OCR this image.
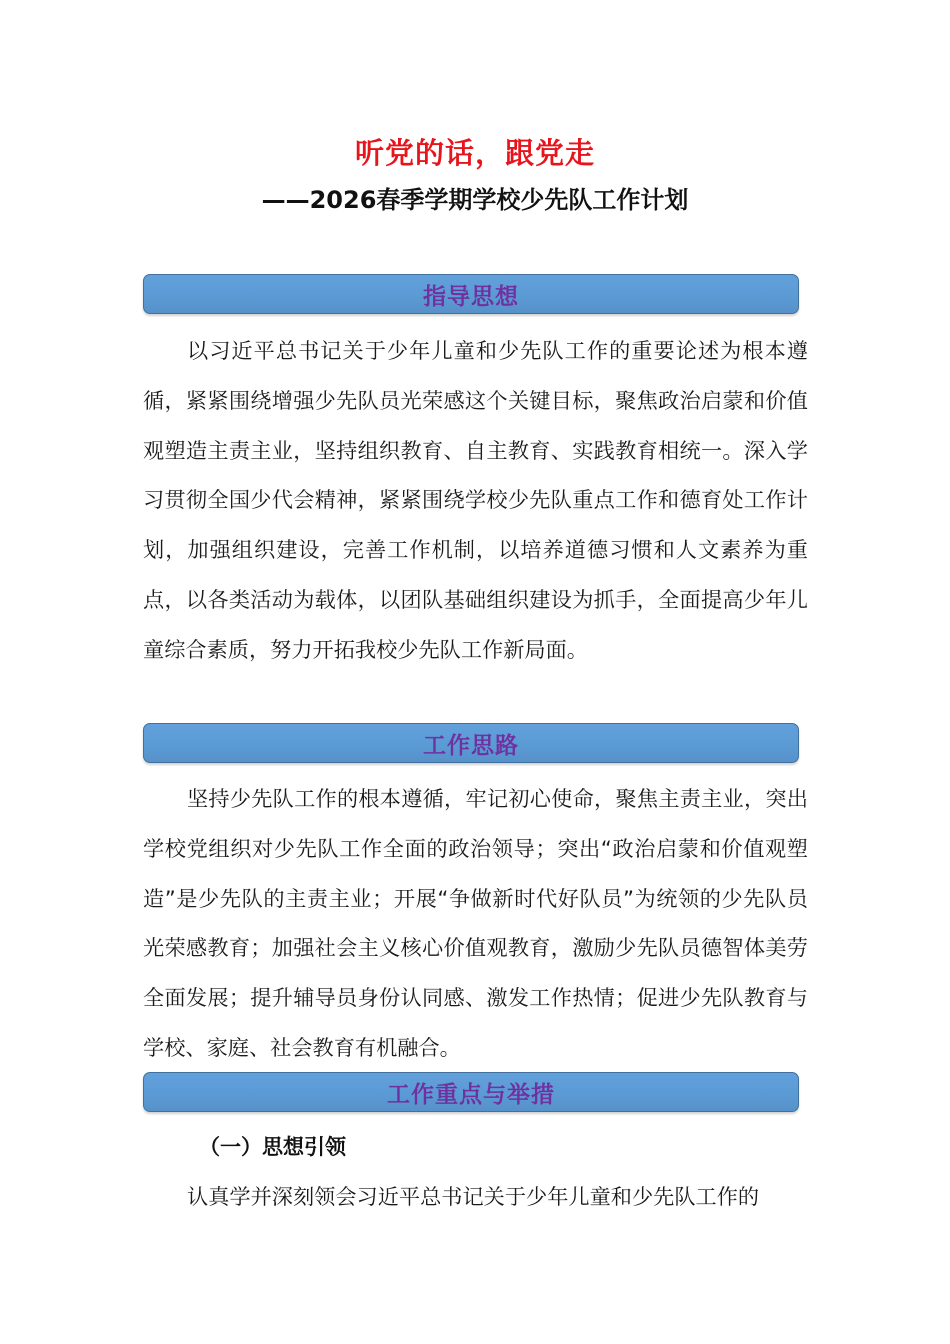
听党的话，跟党走
——2026春季学期学校少先队工作计划
指导思想

以习近平总书记关于少年儿童和少先队工作的重要论述为根本遵循，紧紧围绕增强少先队员光荣感这个关键目标，聚焦政治启蒙和价值观塑造主责主业，坚持组织教育、自主教育、实践教育相统一。深入学习贯彻全国少代会精神，紧紧围绕学校少先队重点工作和德育处工作计划，加强组织建设，完善工作机制，以培养道德习惯和人文素养为重点，以各类活动为载体，以团队基础组织建设为抓手，全面提高少年儿童综合素质，努力开拓我校少先队工作新局面。

工作思路

坚持少先队工作的根本遵循，牢记初心使命，聚焦主责主业，突出学校党组织对少先队工作全面的政治领导；突出“政治启蒙和价值观塑造”是少先队的主责主业；开展“争做新时代好队员”为统领的少先队员光荣感教育；加强社会主义核心价值观教育，激励少先队员德智体美劳全面发展；提升辅导员身份认同感、激发工作热情；促进少先队教育与学校、家庭、社会教育有机融合。

工作重点与举措
（一）思想引领

认真学并深刻领会习近平总书记关于少年儿童和少先队工作的
